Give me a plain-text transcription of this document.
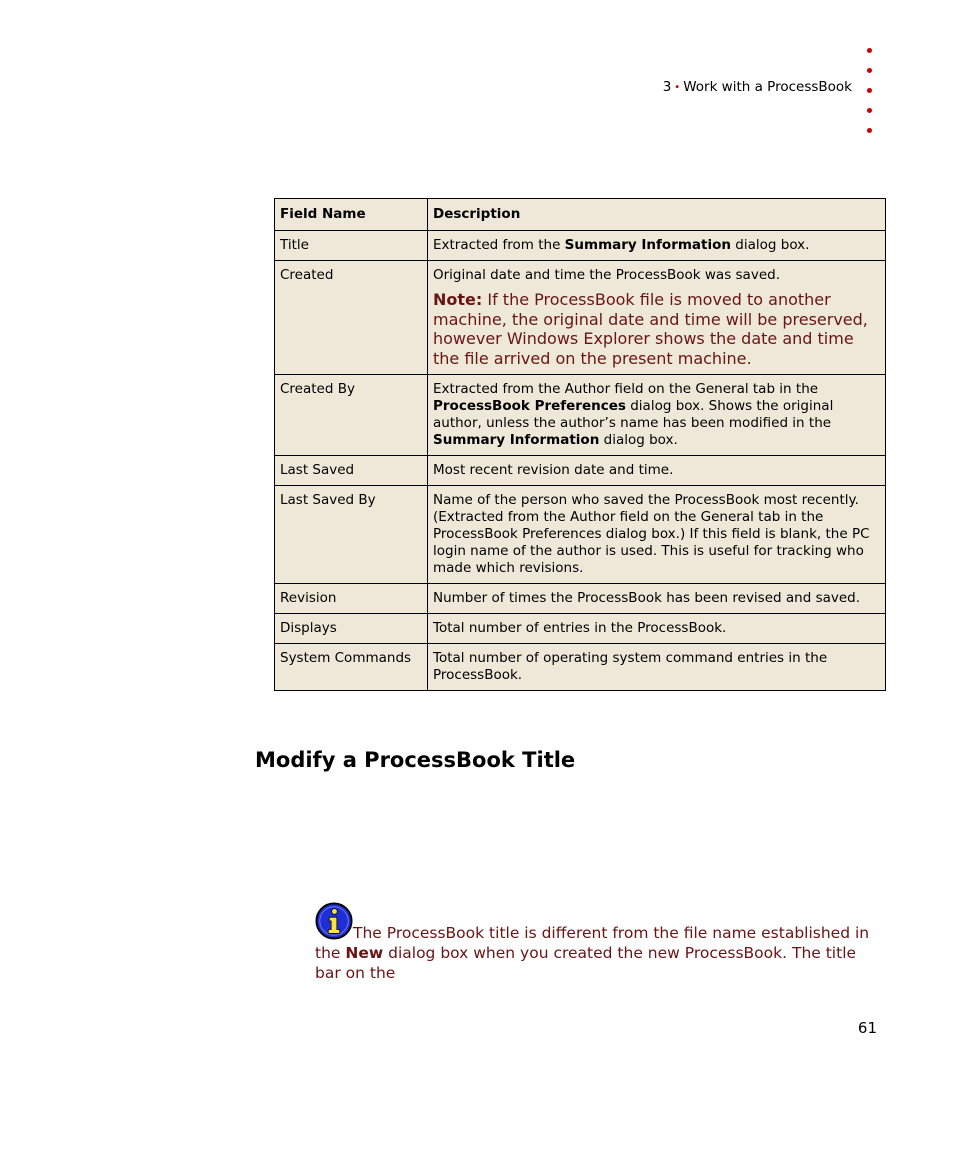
3 • Work with a ProcessBook
Field Name	Description
Title	Extracted from the Summary Information dialog box.

Created	Original date and time the ProcessBook was saved.
Note: If the ProcessBook file is moved to another machine, the original date and time will be preserved, however Windows Explorer shows the date and time the file arrived on the present machine.

Created By	Extracted from the Author field on the General tab in the ProcessBook Preferences dialog box. Shows the original author, unless the author’s name has been modified in the Summary Information dialog box.

Last Saved	Most recent revision date and time.

Last Saved By	Name of the person who saved the ProcessBook most recently. (Extracted from the Author field on the General tab in the ProcessBook Preferences dialog box.) If this field is blank, the PC login name of the author is used. This is useful for tracking who made which revisions.

Revision	Number of times the ProcessBook has been revised and saved.

Displays	Total number of entries in the ProcessBook.

System Commands	Total number of operating system command entries in the ProcessBook.
Modify a ProcessBook Title
The ProcessBook title is different from the file name established in the New dialog box when you created the new ProcessBook. The title bar on the
61
